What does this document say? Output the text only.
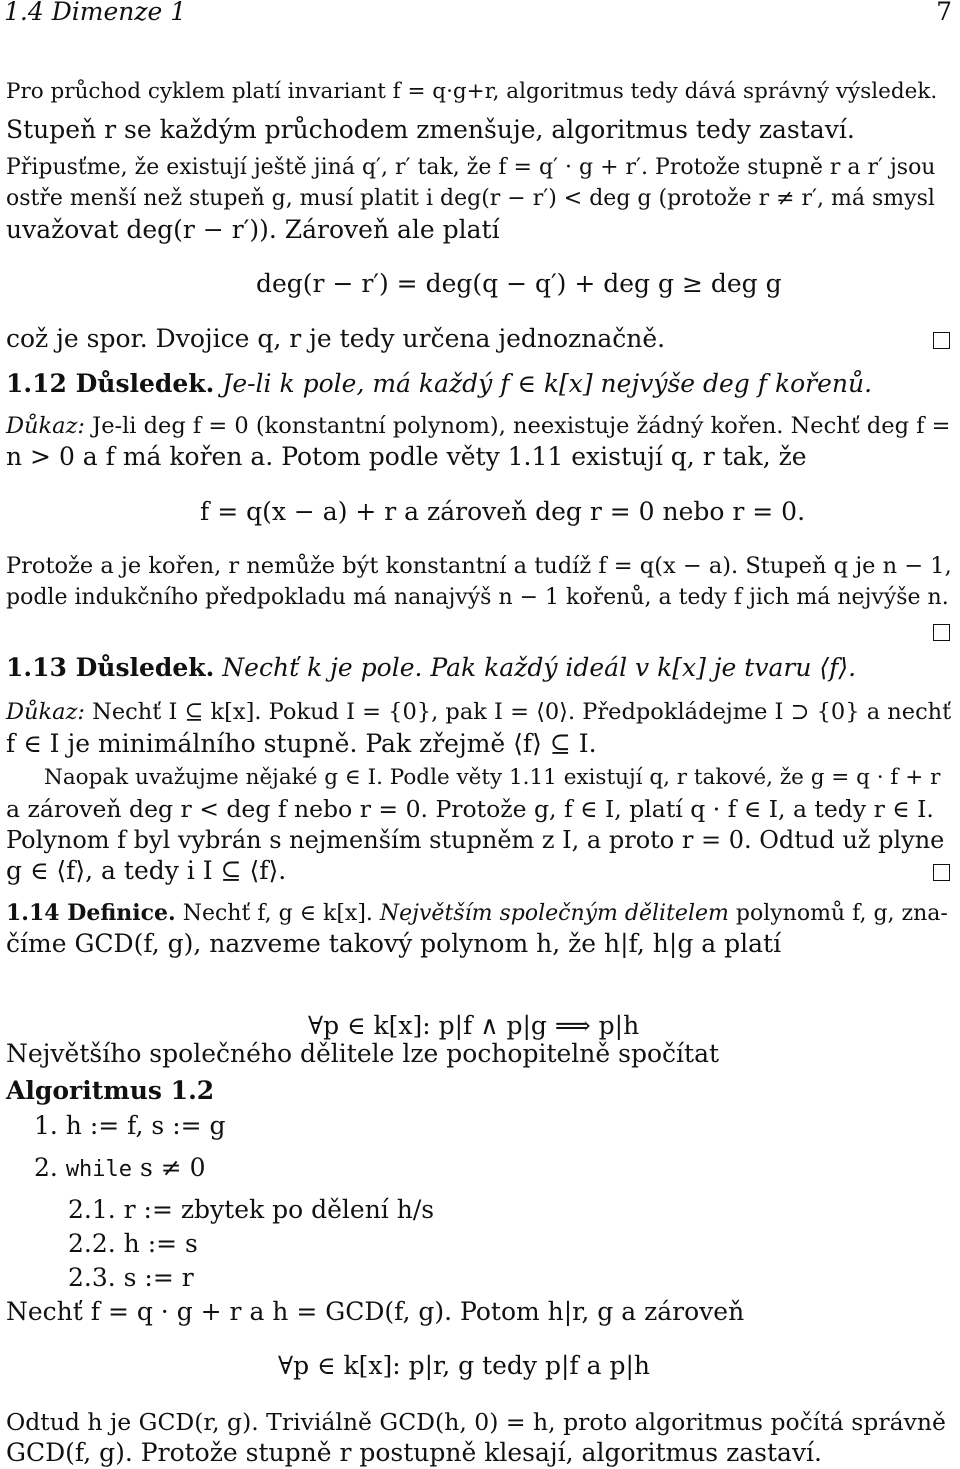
1.4 Dimenze 1	7
Pro průchod cyklem platí invariant f = q·g+r, algoritmus tedy dává správný výsledek.
Stupeň r se každým průchodem zmenšuje, algoritmus tedy zastaví.
Připusťme, že existují ještě jiná q′, r′ tak, že f = q′ · g + r′. Protože stupně r a r′ jsou
ostře menší než stupeň g, musí platit i deg(r − r′) < deg g (protože r ≠ r′, má smysl
uvažovat deg(r − r′)). Zároveň ale platí
deg(r − r′) = deg(q − q′) + deg g ≥ deg g
což je spor. Dvojice q, r je tedy určena jednoznačně.
1.12 Důsledek. Je-li k pole, má každý f ∈ k[x] nejvýše deg f kořenů.
Důkaz: Je-li deg f = 0 (konstantní polynom), neexistuje žádný kořen. Nechť deg f =
n > 0 a f má kořen a. Potom podle věty 1.11 existují q, r tak, že
f = q(x − a) + r a zároveň deg r = 0 nebo r = 0.
Protože a je kořen, r nemůže být konstantní a tudíž f = q(x − a). Stupeň q je n − 1,
podle indukčního předpokladu má nanajvýš n − 1 kořenů, a tedy f jich má nejvýše n.
1.13 Důsledek. Nechť k je pole. Pak každý ideál v k[x] je tvaru ⟨f⟩.
Důkaz: Nechť I ⊆ k[x]. Pokud I = {0}, pak I = ⟨0⟩. Předpokládejme I ⊃ {0} a nechť
f ∈ I je minimálního stupně. Pak zřejmě ⟨f⟩ ⊆ I.
Naopak uvažujme nějaké g ∈ I. Podle věty 1.11 existují q, r takové, že g = q · f + r
a zároveň deg r < deg f nebo r = 0. Protože g, f ∈ I, platí q · f ∈ I, a tedy r ∈ I.
Polynom f byl vybrán s nejmenším stupněm z I, a proto r = 0. Odtud už plyne
g ∈ ⟨f⟩, a tedy i I ⊆ ⟨f⟩.
1.14 Definice. Nechť f, g ∈ k[x]. Největším společným dělitelem polynomů f, g, zna-
číme GCD(f, g), nazveme takový polynom h, že h|f, h|g a platí
∀p ∈ k[x]: p|f ∧ p|g ⟹ p|h
Největšího společného dělitele lze pochopitelně spočítat
Algoritmus 1.2
1. h := f, s := g
2. while s ≠ 0
2.1. r := zbytek po dělení h/s
2.2. h := s
2.3. s := r
Nechť f = q · g + r a h = GCD(f, g). Potom h|r, g a zároveň
∀p ∈ k[x]: p|r, g tedy p|f a p|h
Odtud h je GCD(r, g). Triviálně GCD(h, 0) = h, proto algoritmus počítá správně
GCD(f, g). Protože stupně r postupně klesají, algoritmus zastaví.
